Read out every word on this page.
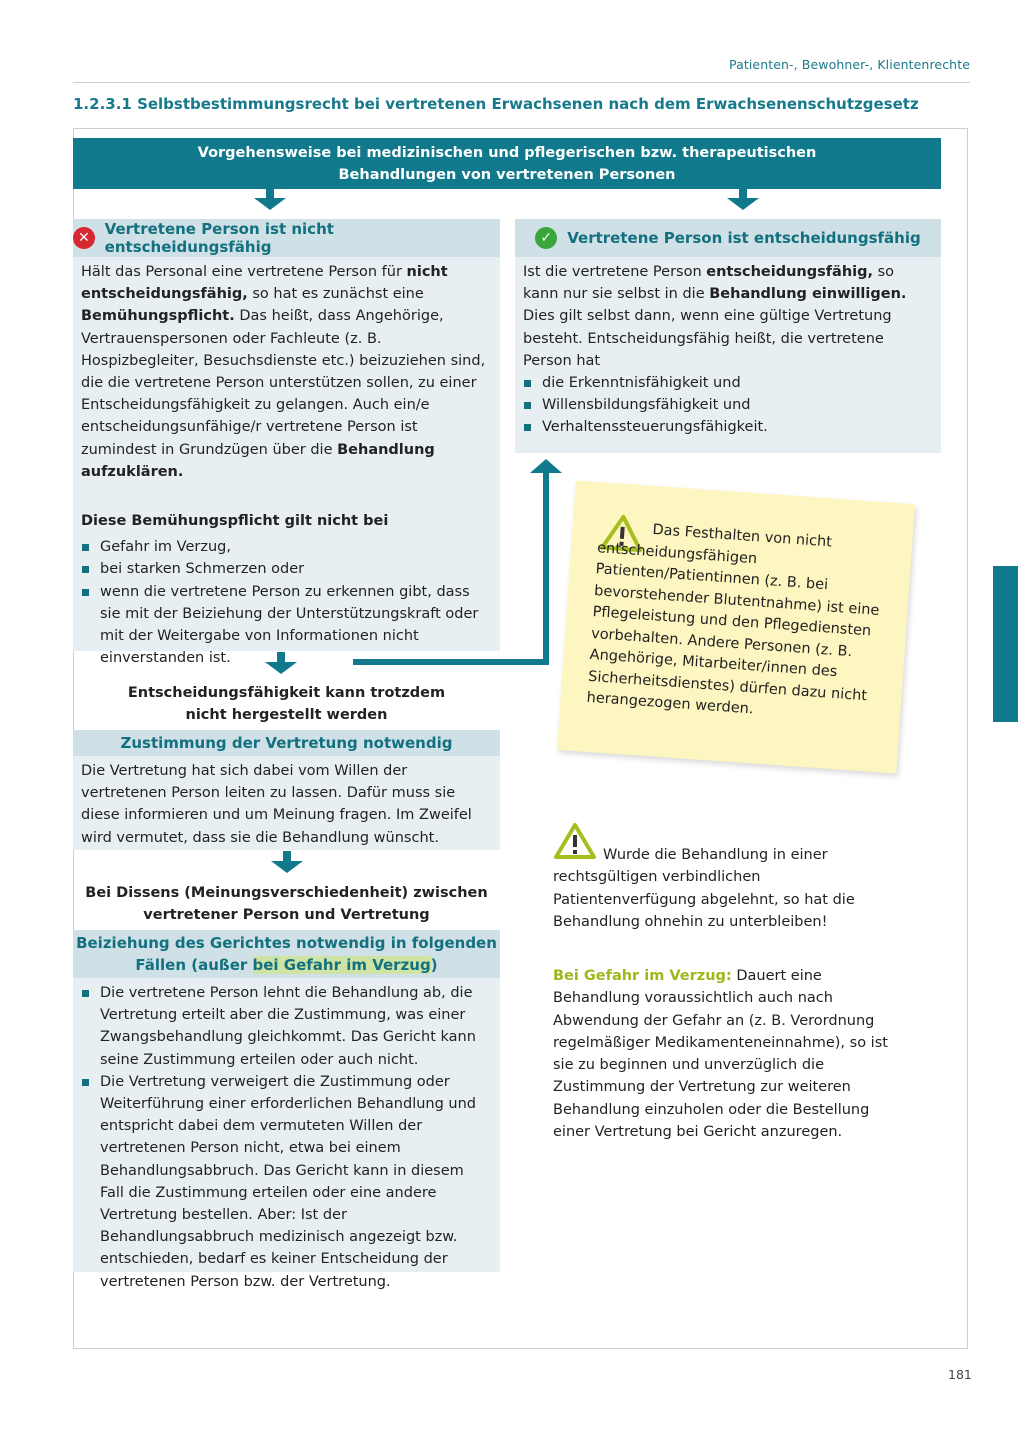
Patienten-, Bewohner-, Klientenrechte
1.2.3.1 Selbstbestimmungsrecht bei vertretenen Erwachsenen nach dem Erwachsenenschutzgesetz
Vorgehensweise bei medizinischen und pflegerischen bzw. therapeutischen
Behandlungen von vertretenen Personen
✕ Vertretene Person ist nicht entscheidungsfähig
Hält das Personal eine vertretene Person für nicht entscheidungsfähig, so hat es zunächst eine Bemühungspflicht. Das heißt, dass Angehörige, Vertrauenspersonen oder Fachleute (z. B. Hospizbegleiter, Besuchsdienste etc.) beizuziehen sind, die die vertretene Person unterstützen sollen, zu einer Entscheidungsfähigkeit zu gelangen. Auch ein/e entscheidungsunfähige/r vertretene Person ist zumindest in Grundzügen über die Behandlung aufzuklären.
Diese Bemühungspflicht gilt nicht bei
Gefahr im Verzug,
bei starken Schmerzen oder
wenn die vertretene Person zu erkennen gibt, dass sie mit der Beiziehung der Unterstützungskraft oder mit der Weitergabe von Informationen nicht einverstanden ist.
✓	Vertretene Person ist entscheidungsfähig
Ist die vertretene Person entscheidungsfähig, so kann nur sie selbst in die Behandlung einwilligen. Dies gilt selbst dann, wenn eine gültige Vertretung besteht. Entscheidungsfähig heißt, die vertretene Person hat
die Erkenntnisfähigkeit und
Willensbildungsfähigkeit und
Verhaltenssteuerungsfähigkeit.
Entscheidungsfähigkeit kann trotzdem
nicht hergestellt werden
Zustimmung der Vertretung notwendig
Die Vertretung hat sich dabei vom Willen der vertretenen Person leiten zu lassen. Dafür muss sie diese informieren und um Meinung fragen. Im Zweifel wird vermutet, dass sie die Behandlung wünscht.
Bei Dissens (Meinungsverschiedenheit) zwischen
vertretener Person und Vertretung
Beiziehung des Gerichtes notwendig in folgenden
Fällen (außer bei Gefahr im Verzug)
Die vertretene Person lehnt die Behandlung ab, die Vertretung erteilt aber die Zustimmung, was einer Zwangsbehandlung gleichkommt. Das Gericht kann seine Zustimmung erteilen oder auch nicht.
Die Vertretung verweigert die Zustimmung oder Weiterführung einer erforderlichen Behandlung und entspricht dabei dem vermuteten Willen der vertretenen Person nicht, etwa bei einem Behandlungsabbruch. Das Gericht kann in diesem Fall die Zustimmung erteilen oder eine andere Vertretung bestellen. Aber: Ist der Behandlungsabbruch medizinisch angezeigt bzw. entschieden, bedarf es keiner Entscheidung der vertretenen Person bzw. der Vertretung.
Das Festhalten von nicht entscheidungsfähigen Patienten/Patientinnen (z. B. bei bevorstehender Blutentnahme) ist eine Pflegeleistung und den Pflegediensten vorbehalten. Andere Personen (z. B. Angehörige, Mitarbeiter/innen des Sicherheitsdienstes) dürfen dazu nicht herangezogen werden.
Wurde die Behandlung in einer rechtsgültigen verbindlichen Patientenverfügung abgelehnt, so hat die Behandlung ohnehin zu unterbleiben!
Bei Gefahr im Verzug: Dauert eine Behandlung voraussichtlich auch nach Abwendung der Gefahr an (z. B. Verordnung regelmäßiger Medikamenteneinnahme), so ist sie zu beginnen und unverzüglich die Zustimmung der Vertretung zur weiteren Behandlung einzuholen oder die Bestellung einer Vertretung bei Gericht anzuregen.
181
